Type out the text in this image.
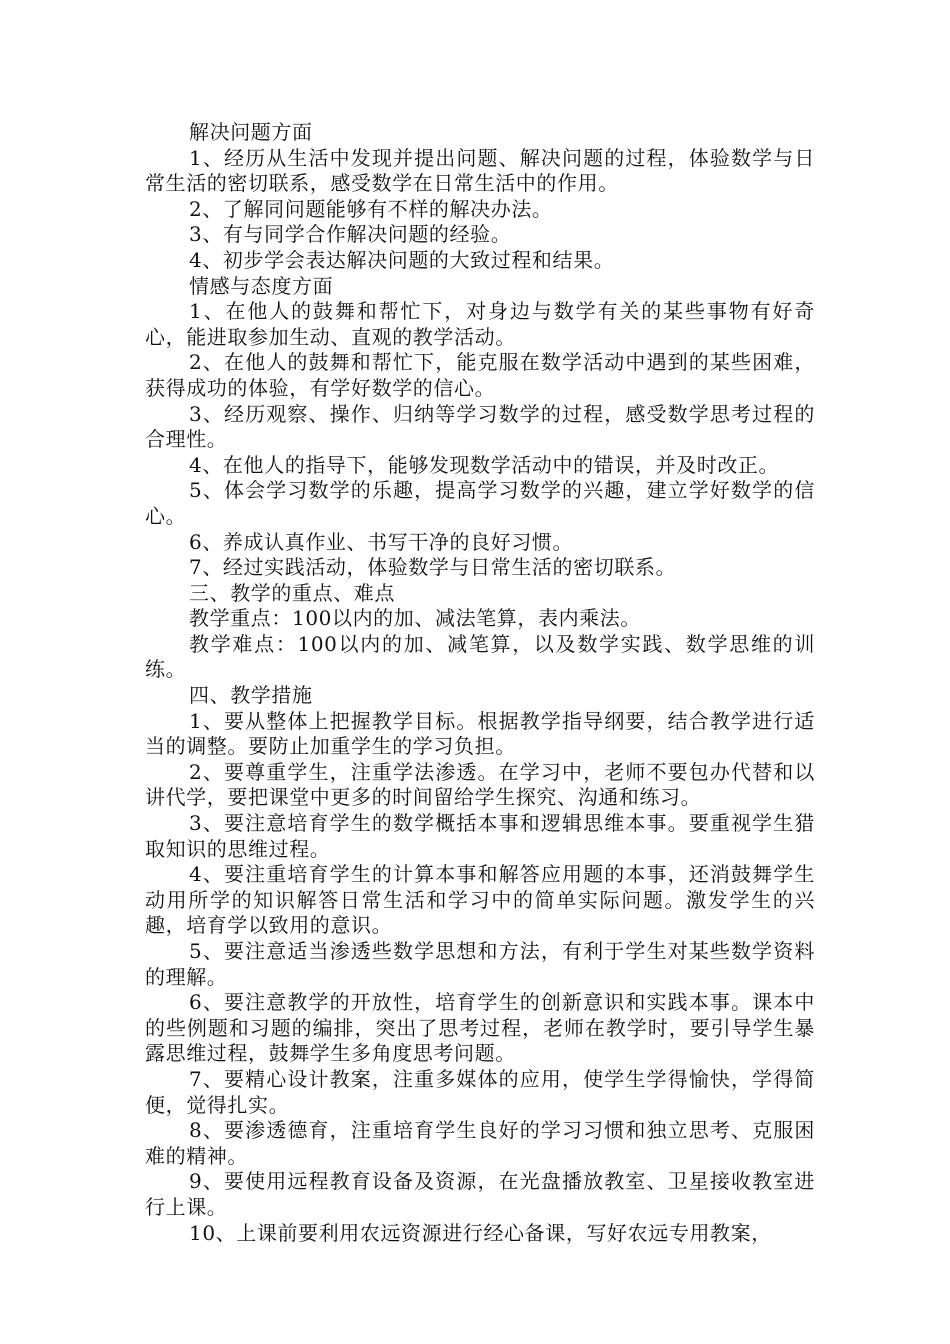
解决问题方面

1、经历从生活中发现并提出问题、解决问题的过程，体验数学与日常生活的密切联系，感受数学在日常生活中的作用。

2、了解同问题能够有不样的解决办法。

3、有与同学合作解决问题的经验。

4、初步学会表达解决问题的大致过程和结果。

情感与态度方面

1、在他人的鼓舞和帮忙下，对身边与数学有关的某些事物有好奇心，能进取参加生动、直观的教学活动。

2、在他人的鼓舞和帮忙下，能克服在数学活动中遇到的某些困难，获得成功的体验，有学好数学的信心。

3、经历观察、操作、归纳等学习数学的过程，感受数学思考过程的合理性。

4、在他人的指导下，能够发现数学活动中的错误，并及时改正。

5、体会学习数学的乐趣，提高学习数学的兴趣，建立学好数学的信心。

6、养成认真作业、书写干净的良好习惯。

7、经过实践活动，体验数学与日常生活的密切联系。

三、教学的重点、难点

教学重点：100以内的加、减法笔算，表内乘法。

教学难点：100以内的加、减笔算，以及数学实践、数学思维的训练。

四、教学措施

1、要从整体上把握教学目标。根据教学指导纲要，结合教学进行适当的调整。要防止加重学生的学习负担。

2、要尊重学生，注重学法渗透。在学习中，老师不要包办代替和以讲代学，要把课堂中更多的时间留给学生探究、沟通和练习。

3、要注意培育学生的数学概括本事和逻辑思维本事。要重视学生猎取知识的思维过程。

4、要注重培育学生的计算本事和解答应用题的本事，还消鼓舞学生动用所学的知识解答日常生活和学习中的简单实际问题。激发学生的兴趣，培育学以致用的意识。

5、要注意适当渗透些数学思想和方法，有利于学生对某些数学资料的理解。

6、要注意教学的开放性，培育学生的创新意识和实践本事。课本中的些例题和习题的编排，突出了思考过程，老师在教学时，要引导学生暴露思维过程，鼓舞学生多角度思考问题。

7、要精心设计教案，注重多媒体的应用，使学生学得愉快，学得简便，觉得扎实。

8、要渗透德育，注重培育学生良好的学习习惯和独立思考、克服困难的精神。

9、要使用远程教育设备及资源，在光盘播放教室、卫星接收教室进行上课。

10、上课前要利用农远资源进行经心备课，写好农远专用教案，
